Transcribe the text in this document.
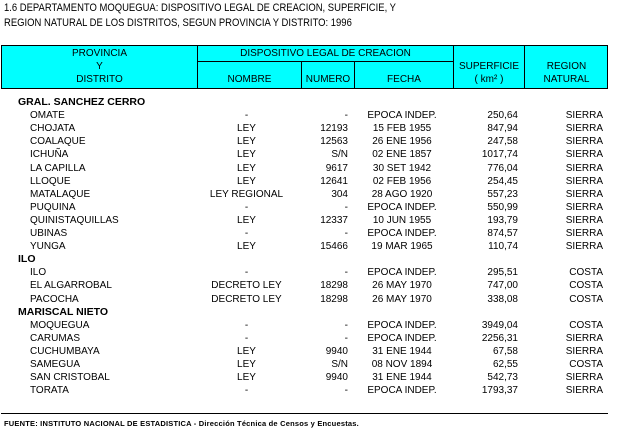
1.6 DEPARTAMENTO MOQUEGUA: DISPOSITIVO LEGAL DE CREACION, SUPERFICIE, Y
REGION NATURAL DE LOS DISTRITOS, SEGUN PROVINCIA Y DISTRITO: 1996
PROVINCIA
Y
DISTRITO
DISPOSITIVO LEGAL DE CREACION
NOMBRE	NUMERO	FECHA
SUPERFICIE
( km² )
REGION
NATURAL
GRAL. SANCHEZ CERRO
OMATE	-	-	EPOCA INDEP.	250,64	SIERRA
CHOJATA	LEY	12193	15 FEB 1955	847,94	SIERRA
COALAQUE	LEY	12563	26 ENE 1956	247,58	SIERRA
ICHUÑA	LEY	S/N	02 ENE 1857	1017,74	SIERRA
LA CAPILLA	LEY	9617	30 SET 1942	776,04	SIERRA
LLOQUE	LEY	12641	02 FEB 1956	254,45	SIERRA
MATALAQUE	LEY REGIONAL	304	28 AGO 1920	557,23	SIERRA
PUQUINA	-	-	EPOCA INDEP.	550,99	SIERRA
QUINISTAQUILLAS	LEY	12337	10 JUN 1955	193,79	SIERRA
UBINAS	-	-	EPOCA INDEP.	874,57	SIERRA
YUNGA	LEY	15466	19 MAR 1965	110,74	SIERRA
ILO
ILO	-	-	EPOCA INDEP.	295,51	COSTA
EL ALGARROBAL	DECRETO LEY	18298	26 MAY 1970	747,00	COSTA
PACOCHA	DECRETO LEY	18298	26 MAY 1970	338,08	COSTA
MARISCAL NIETO
MOQUEGUA	-	-	EPOCA INDEP.	3949,04	COSTA
CARUMAS	-	-	EPOCA INDEP.	2256,31	SIERRA
CUCHUMBAYA	LEY	9940	31 ENE 1944	67,58	SIERRA
SAMEGUA	LEY	S/N	08 NOV 1894	62,55	COSTA
SAN CRISTOBAL	LEY	9940	31 ENE 1944	542,73	SIERRA
TORATA	-	-	EPOCA INDEP.	1793,37	SIERRA
FUENTE: INSTITUTO NACIONAL DE ESTADISTICA - Dirección Técnica de Censos y Encuestas.
